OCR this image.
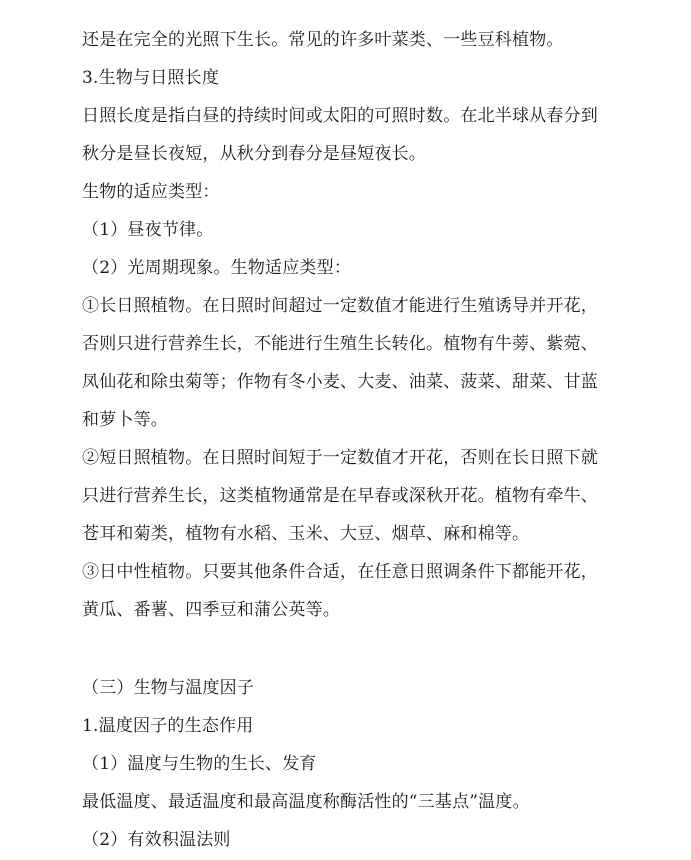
还是在完全的光照下生长。常见的许多叶菜类、一些豆科植物。
3.生物与日照长度
日照长度是指白昼的持续时间或太阳的可照时数。在北半球从春分到
秋分是昼长夜短，从秋分到春分是昼短夜长。
生物的适应类型：
（1）昼夜节律。
（2）光周期现象。生物适应类型：
①长日照植物。在日照时间超过一定数值才能进行生殖诱导并开花，
否则只进行营养生长，不能进行生殖生长转化。植物有牛蒡、紫菀、
凤仙花和除虫菊等；作物有冬小麦、大麦、油菜、菠菜、甜菜、甘蓝
和萝卜等。
②短日照植物。在日照时间短于一定数值才开花，否则在长日照下就
只进行营养生长，这类植物通常是在早春或深秋开花。植物有牵牛、
苍耳和菊类，植物有水稻、玉米、大豆、烟草、麻和棉等。
③日中性植物。只要其他条件合适，在任意日照调条件下都能开花，
黄瓜、番薯、四季豆和蒲公英等。
（三）生物与温度因子
1.温度因子的生态作用
（1）温度与生物的生长、发育
最低温度、最适温度和最高温度称酶活性的“三基点”温度。
（2）有效积温法则
